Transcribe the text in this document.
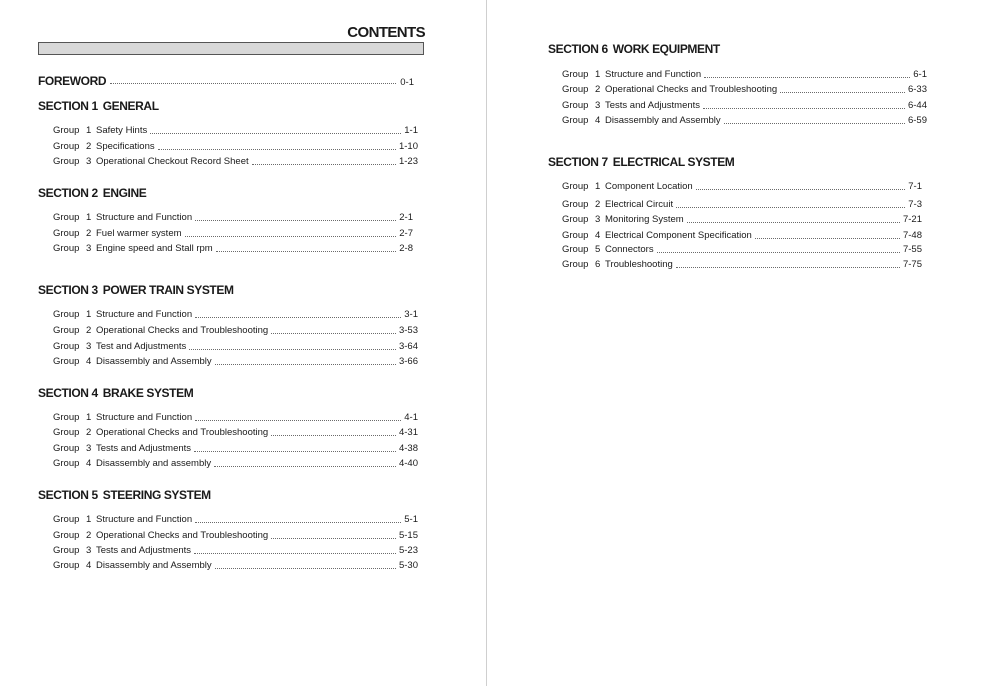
CONTENTS
FOREWORD	0-1
SECTION 1 GENERAL
Group 1 Safety Hints	1-1
Group 2 Specifications	1-10
Group 3 Operational Checkout Record Sheet	1-23
SECTION 2 ENGINE
Group 1 Structure and Function	2-1
Group 2 Fuel warmer system	2-7
Group 3 Engine speed and Stall rpm	2-8
SECTION 3 POWER TRAIN SYSTEM
Group 1 Structure and Function	3-1
Group 2 Operational Checks and Troubleshooting	3-53
Group 3 Test and Adjustments	3-64
Group 4 Disassembly and Assembly	3-66
SECTION 4 BRAKE SYSTEM
Group 1 Structure and Function	4-1
Group 2 Operational Checks and Troubleshooting	4-31
Group 3 Tests and Adjustments	4-38
Group 4 Disassembly and assembly	4-40
SECTION 5 STEERING SYSTEM
Group 1 Structure and Function	5-1
Group 2 Operational Checks and Troubleshooting	5-15
Group 3 Tests and Adjustments	5-23
Group 4 Disassembly and Assembly	5-30
SECTION 6 WORK EQUIPMENT
Group 1 Structure and Function	6-1
Group 2 Operational Checks and Troubleshooting	6-33
Group 3 Tests and Adjustments	6-44
Group 4 Disassembly and Assembly	6-59
SECTION 7 ELECTRICAL SYSTEM
Group 1 Component Location	7-1
Group 2 Electrical Circuit	7-3
Group 3 Monitoring System	7-21
Group 4 Electrical Component Specification	7-48
Group 5 Connectors	7-55
Group 6 Troubleshooting	7-75
